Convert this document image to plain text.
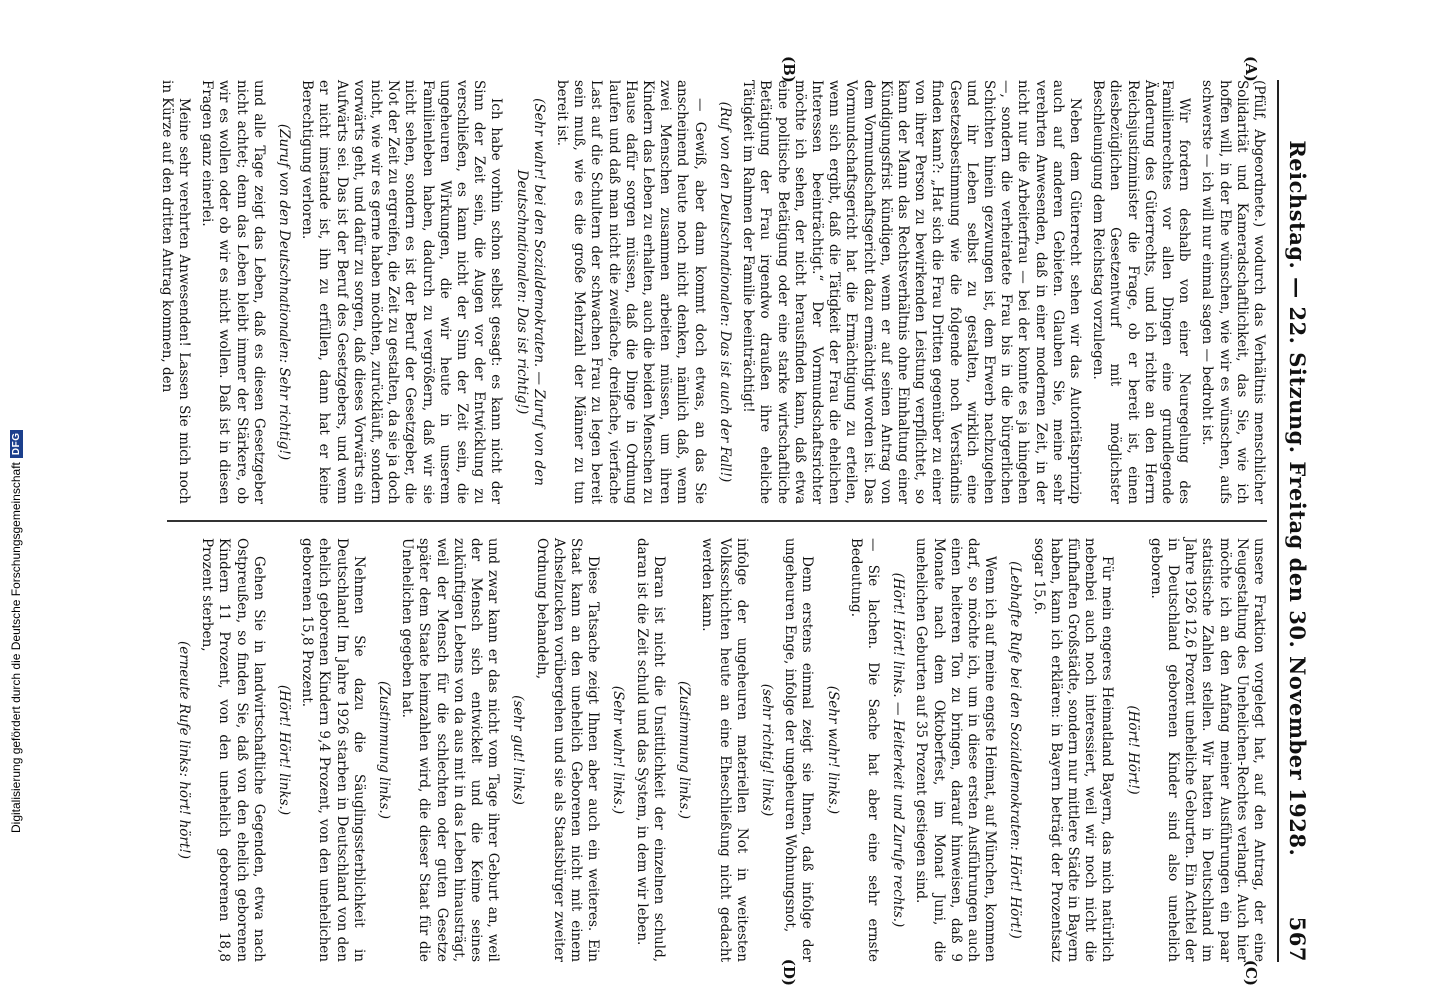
Reichstag. — 22. Sitzung. Freitag den 30. November 1928.
567
(A)
(B)

(Pfülf, Abgeordnete.) wodurch das Verhältnis menschlicher Solidarität und Kameradschaftlichkeit, das Sie, wie ich hoffen will, in der Ehe wünschen, wie wir es wünschen, aufs schwerste — ich will nur einmal sagen — bedroht ist.

Wir fordern deshalb von einer Neuregelung des Familienrechtes vor allen Dingen eine grundlegende Änderung des Güterrechts, und ich richte an den Herrn Reichsjustizminister die Frage, ob er bereit ist, einen diesbezüglichen Gesetzentwurf mit möglichster Beschleunigung dem Reichstag vorzulegen.

Neben dem Güterrecht sehen wir das Autoritätsprinzip auch auf anderen Gebieten. Glauben Sie, meine sehr verehrten Anwesenden, daß in einer modernen Zeit, in der nicht nur die Arbeiterfrau — bei der konnte es ja hingehen —, sondern die verheiratete Frau bis in die bürgerlichen Schichten hinein gezwungen ist, dem Erwerb nachzugehen und ihr Leben selbst zu gestalten, wirklich eine Gesetzesbestimmung wie die folgende noch Verständnis finden kann?: „Hat sich die Frau Dritten gegenüber zu einer von ihrer Person zu bewirkenden Leistung verpflichtet, so kann der Mann das Rechtsverhältnis ohne Einhaltung einer Kündigungsfrist kündigen, wenn er auf seinen Antrag von dem Vormundschaftsgericht dazu ermächtigt worden ist. Das Vormundschaftsgericht hat die Ermächtigung zu erteilen, wenn sich ergibt, daß die Tätigkeit der Frau die ehelichen Interessen beeinträchtigt.“ Der Vormundschaftsrichter möchte ich sehen, der nicht herausfinden kann, daß etwa eine politische Betätigung oder eine starke wirtschaftliche Betätigung der Frau irgendwo draußen ihre eheliche Tätigkeit im Rahmen der Familie beeinträchtigt!

(Ruf von den Deutschnationalen: Das ist auch der Fall!)

— Gewiß, aber dann kommt doch etwas, an das Sie anscheinend heute noch nicht denken, nämlich daß, wenn zwei Menschen zusammen arbeiten müssen, um ihren Kindern das Leben zu erhalten, auch die beiden Menschen zu Hause dafür sorgen müssen, daß die Dinge in Ordnung laufen und daß man nicht die zweifache, dreifache, vierfache Last auf die Schultern der schwachen Frau zu legen bereit sein muß, wie es die große Mehrzahl der Männer zu tun bereit ist.

(Sehr wahr! bei den Sozialdemokraten. — Zuruf von den Deutschnationalen: Das ist richtig!)

Ich habe vorhin schon selbst gesagt: es kann nicht der Sinn der Zeit sein, die Augen vor der Entwicklung zu verschließen, es kann nicht der Sinn der Zeit sein, die ungeheuren Wirkungen, die wir heute in unserem Familienleben haben, dadurch zu vergrößern, daß wir sie nicht sehen, sondern es ist der Beruf der Gesetzgeber, die Not der Zeit zu ergreifen, die Zeit zu gestalten, da sie ja doch nicht, wie wir es gerne haben möchten, zurückläuft, sondern vorwärts geht, und dafür zu sorgen, daß dieses Vorwärts ein Aufwärts sei. Das ist der Beruf des Gesetzgebers, und wenn er nicht imstande ist, ihn zu erfüllen, dann hat er keine Berechtigung verloren.

(Zuruf von den Deutschnationalen: Sehr richtig!)

und alle Tage zeigt das Leben, daß es diesen Gesetzgeber nicht achtet; denn das Leben bleibt immer der Stärkere, ob wir es wollen oder ob wir es nicht wollen. Daß ist in diesen Fragen ganz einerlei.

Meine sehr verehrten Anwesenden! Lassen Sie mich noch in Kürze auf den dritten Antrag kommen, den

(C)
(D)

unsere Fraktion vorgelegt hat, auf den Antrag, der eine Neugestaltung des Unehelichen-Rechtes verlangt. Auch hier möchte ich an den Anfang meiner Ausführungen ein paar statistische Zahlen stellen. Wir hatten in Deutschland im Jahre 1926 12,6 Prozent uneheliche Geburten. Ein Achtel der in Deutschland geborenen Kinder sind also unehelich geboren.

(Hört! Hört!)

Für mein engeres Heimatland Bayern, das mich natürlich nebenbei auch noch interessiert, weil wir noch nicht die fünfhaften Großstädte, sondern nur mittlere Städte in Bayern haben, kann ich erklären: in Bayern beträgt der Prozentsatz sogar 15,6.

(Lebhafte Rufe bei den Sozialdemokraten: Hört! Hört!)

Wenn ich auf meine engste Heimat, auf München, kommen darf, so möchte ich, um in diese ersten Ausführungen auch einen heiteren Ton zu bringen, darauf hinweisen, daß 9 Monate nach dem Oktoberfest, im Monat Juni, die unehelichen Geburten auf 35 Prozent gestiegen sind.

(Hört! Hört! links. — Heiterkeit und Zurufe rechts.)

— Sie lachen. Die Sache hat aber eine sehr ernste Bedeutung.

(Sehr wahr! links.)

Denn erstens einmal zeigt sie Ihnen, daß infolge der ungeheuren Enge, infolge der ungeheuren Wohnungsnot,

(sehr richtig! links)

infolge der ungeheuren materiellen Not in weitesten Volksschichten heute an eine Eheschließung nicht gedacht werden kann.

(Zustimmung links.)

Daran ist nicht die Unsittlichkeit der einzelnen schuld, daran ist die Zeit schuld und das System, in dem wir leben.

(Sehr wahr! links.)

Diese Tatsache zeigt Ihnen aber auch ein weiteres. Ein Staat kann an den unehelich Geborenen nicht mit einem Achselzucken vorübergehen und sie als Staatsbürger zweiter Ordnung behandeln,

(sehr gut! links)

und zwar kann er das nicht vom Tage ihrer Geburt an, weil der Mensch sich entwickelt und die Keime seines zukünftigen Lebens von da aus mit in das Leben hinausträgt, weil der Mensch für die schlechten oder guten Gesetze später dem Staate heimzahlen wird, die dieser Staat für die Unehelichen gegeben hat.

(Zustimmung links.)

Nehmen Sie dazu die Säuglingssterblichkeit in Deutschland! Im Jahre 1926 starben in Deutschland von den ehelich geborenen Kindern 9,4 Prozent, von den unehelichen geborenen 15,8 Prozent.

(Hört! Hört! links.)

Gehen Sie in landwirtschaftliche Gegenden, etwa nach Ostpreußen, so finden Sie, daß von den ehelich geborenen Kindern 11 Prozent, von den unehelich geborenen 18,8 Prozent sterben,

(erneute Rufe links: hört! hört!)

Digitalisierung gefördert durch die Deutsche Forschungsgemeinschaft
DFG
